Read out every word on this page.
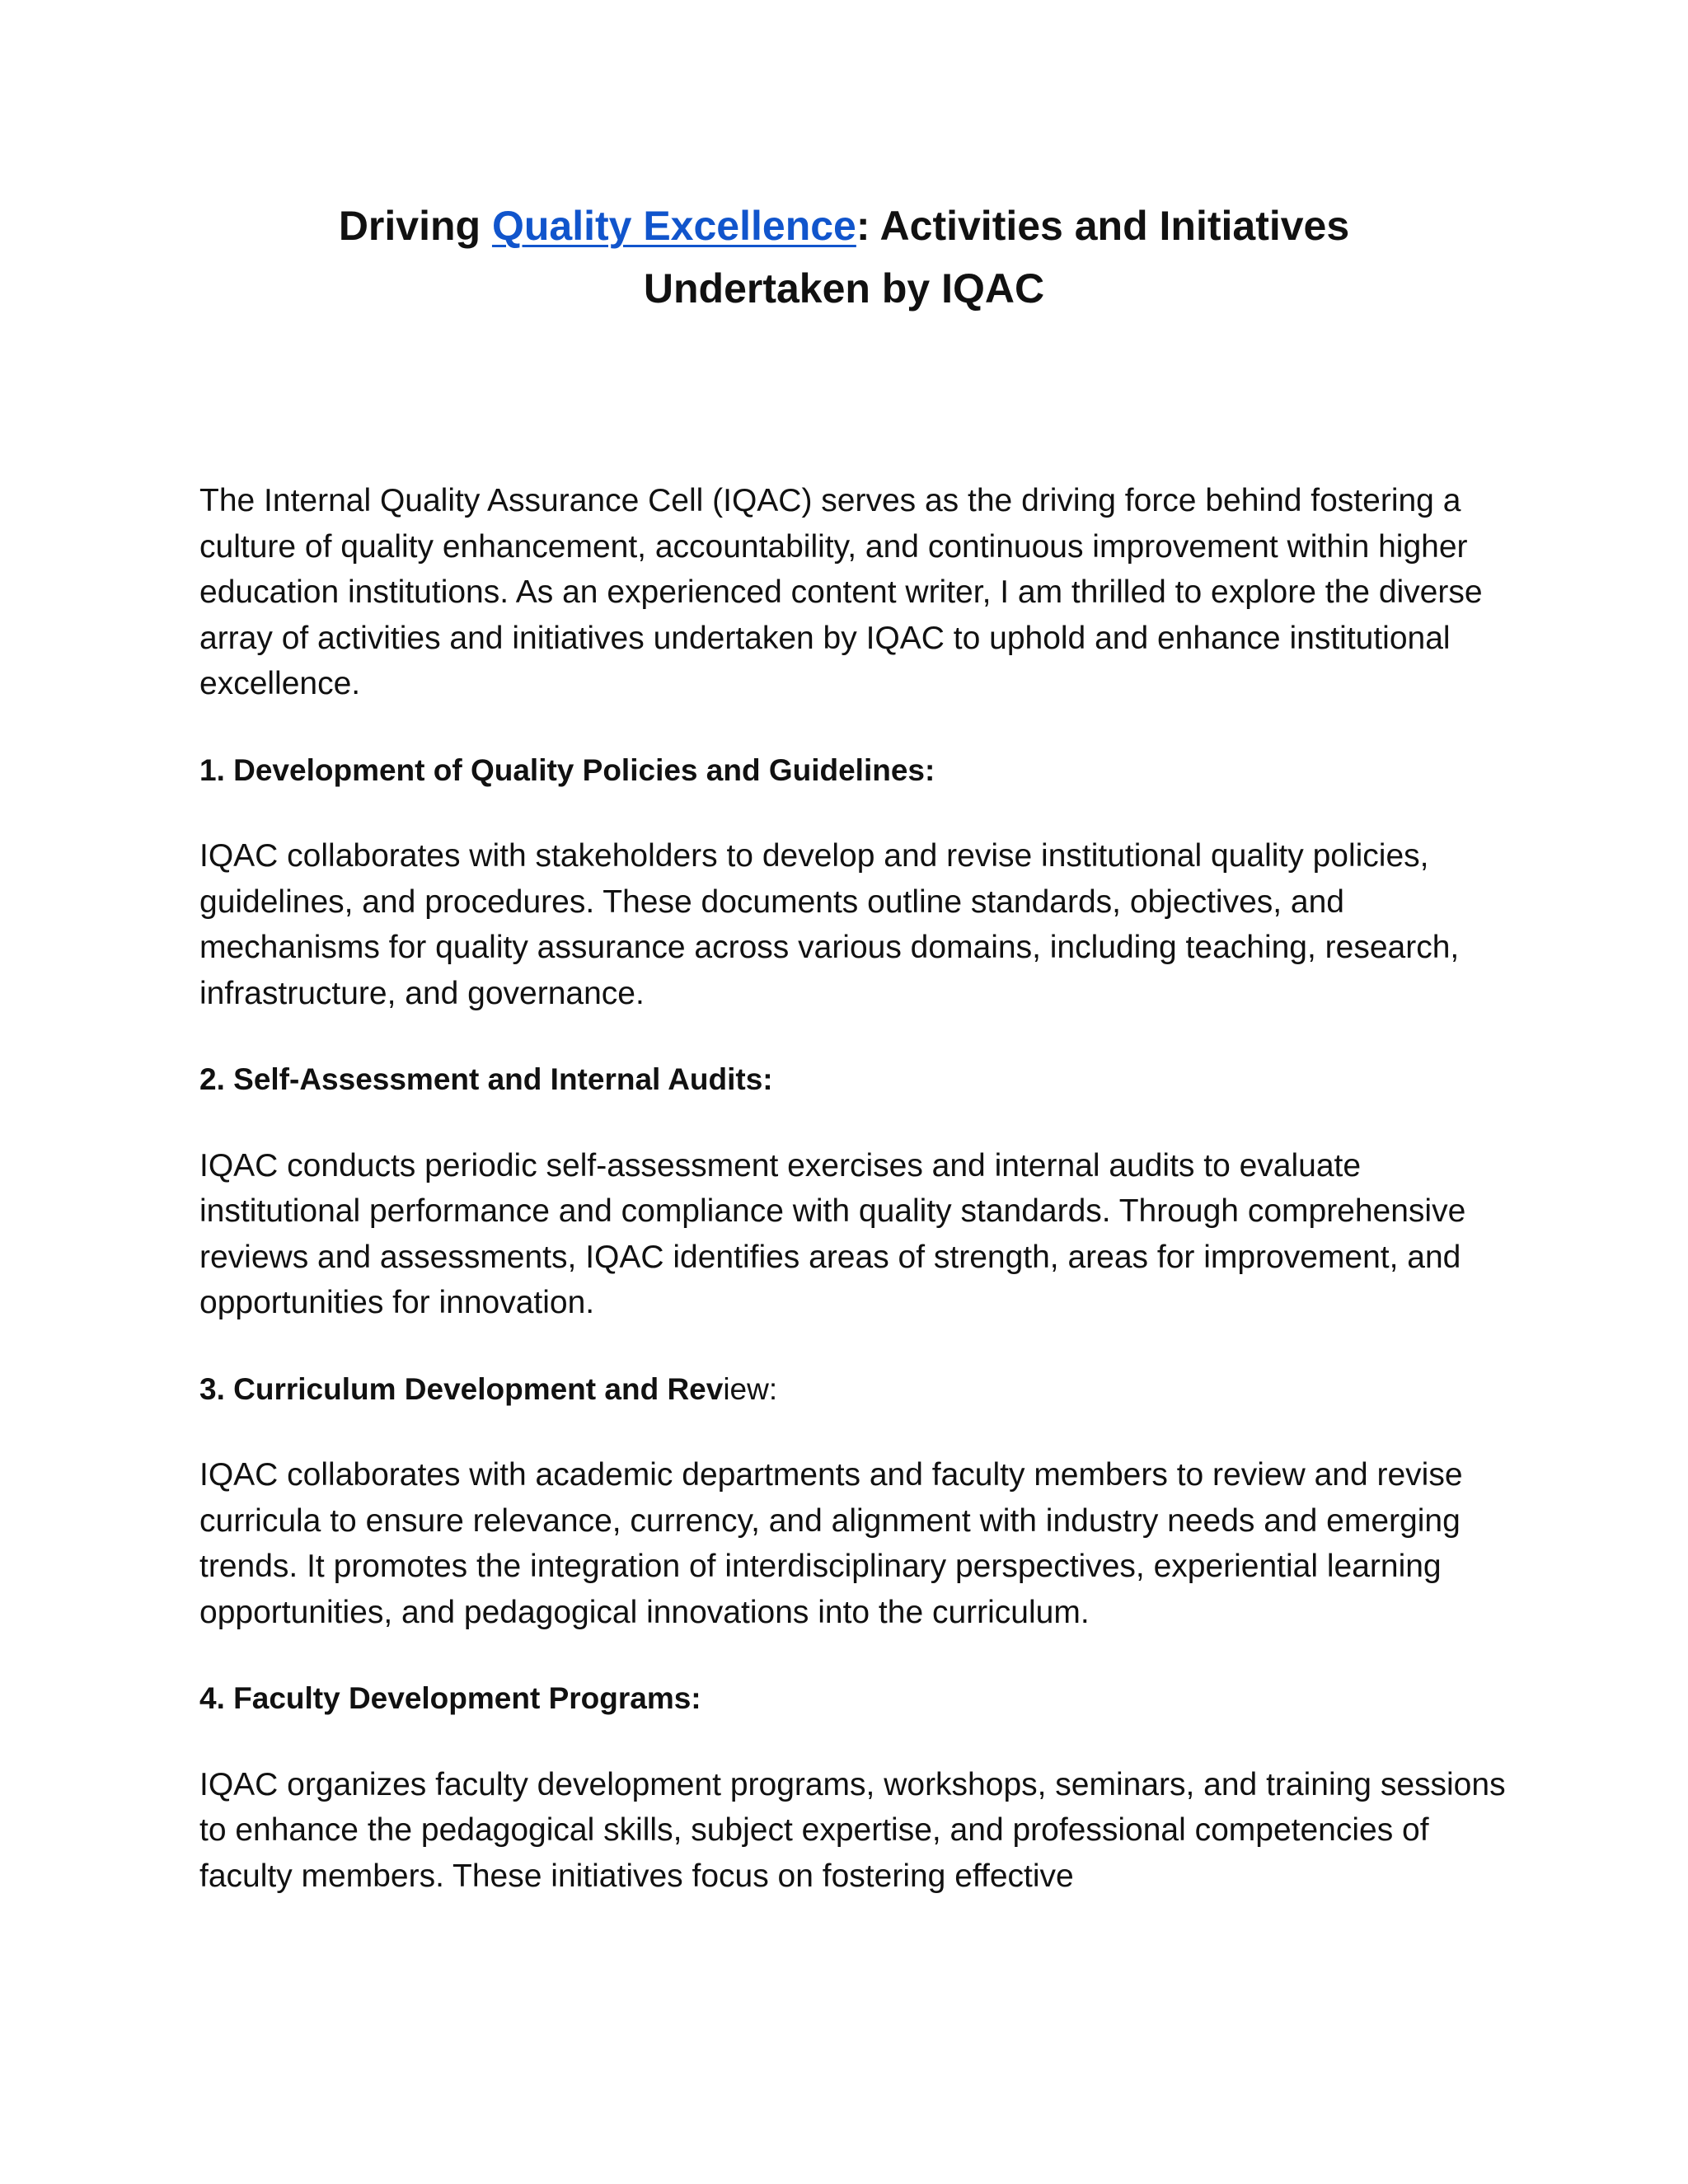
Driving Quality Excellence: Activities and Initiatives
Undertaken by IQAC

The Internal Quality Assurance Cell (IQAC) serves as the driving force behind fostering a culture of quality enhancement, accountability, and continuous improvement within higher education institutions. As an experienced content writer, I am thrilled to explore the diverse array of activities and initiatives undertaken by IQAC to uphold and enhance institutional excellence.

1. Development of Quality Policies and Guidelines:

IQAC collaborates with stakeholders to develop and revise institutional quality policies, guidelines, and procedures. These documents outline standards, objectives, and mechanisms for quality assurance across various domains, including teaching, research, infrastructure, and governance.

2. Self-Assessment and Internal Audits:

IQAC conducts periodic self-assessment exercises and internal audits to evaluate institutional performance and compliance with quality standards. Through comprehensive reviews and assessments, IQAC identifies areas of strength, areas for improvement, and opportunities for innovation.

3. Curriculum Development and Review:

IQAC collaborates with academic departments and faculty members to review and revise curricula to ensure relevance, currency, and alignment with industry needs and emerging trends. It promotes the integration of interdisciplinary perspectives, experiential learning opportunities, and pedagogical innovations into the curriculum.

4. Faculty Development Programs:

IQAC organizes faculty development programs, workshops, seminars, and training sessions to enhance the pedagogical skills, subject expertise, and professional competencies of faculty members. These initiatives focus on fostering effective
